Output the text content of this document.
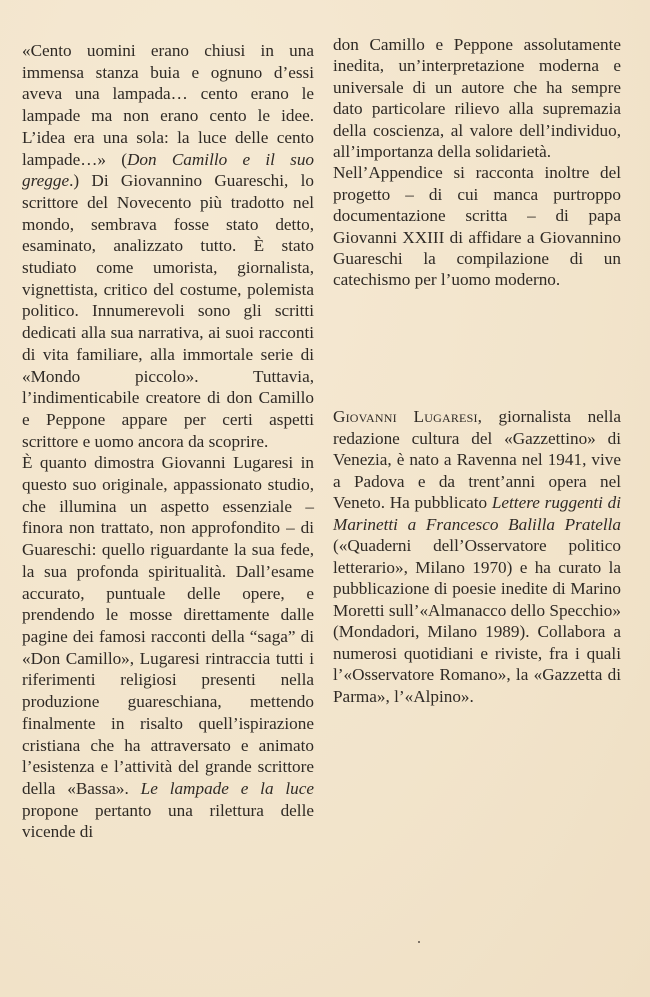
«Cento uomini erano chiusi in una immensa stanza buia e ognuno d’essi aveva una lampada… cento erano le lampade ma non erano cento le idee. L’idea era una sola: la luce delle cento lampade…» (Don Camillo e il suo gregge.) Di Giovannino Guareschi, lo scrittore del Novecento più tradotto nel mondo, sembrava fosse stato detto, esaminato, analizzato tutto. È stato studiato come umorista, giornalista, vignettista, critico del costume, polemista politico. Innumerevoli sono gli scritti dedicati alla sua narrativa, ai suoi racconti di vita familiare, alla immortale serie di «Mondo piccolo». Tuttavia, l’indimenticabile creatore di don Camillo e Peppone appare per certi aspetti scrittore e uomo ancora da scoprire.

È quanto dimostra Giovanni Lugaresi in questo suo originale, appassionato studio, che illumina un aspetto essenziale – finora non trattato, non approfondito – di Guareschi: quello riguardante la sua fede, la sua profonda spiritualità. Dall’esame accurato, puntuale delle opere, e prendendo le mosse direttamente dalle pagine dei famosi racconti della “saga” di «Don Camillo», Lugaresi rintraccia tutti i riferimenti religiosi presenti nella produzione guareschiana, mettendo finalmente in risalto quell’ispirazione cristiana che ha attraversato e animato l’esistenza e l’attività del grande scrittore della «Bassa». Le lampade e la luce propone pertanto una rilettura delle vicende di

don Camillo e Peppone assolutamente inedita, un’interpretazione moderna e universale di un autore che ha sempre dato particolare rilievo alla supremazia della coscienza, al valore dell’individuo, all’importanza della solidarietà.

Nell’Appendice si racconta inoltre del progetto – di cui manca purtroppo documentazione scritta – di papa Giovanni XXIII di affidare a Giovannino Guareschi la compilazione di un catechismo per l’uomo moderno.

Giovanni Lugaresi, giornalista nella redazione cultura del «Gazzettino» di Venezia, è nato a Ravenna nel 1941, vive a Padova e da trent’anni opera nel Veneto. Ha pubblicato Lettere ruggenti di Marinetti a Francesco Balilla Pratella («Quaderni dell’Osservatore politico letterario», Milano 1970) e ha curato la pubblicazione di poesie inedite di Marino Moretti sull’«Almanacco dello Specchio» (Mondadori, Milano 1989). Collabora a numerosi quotidiani e riviste, fra i quali l’«Osservatore Romano», la «Gazzetta di Parma», l’«Alpino».
